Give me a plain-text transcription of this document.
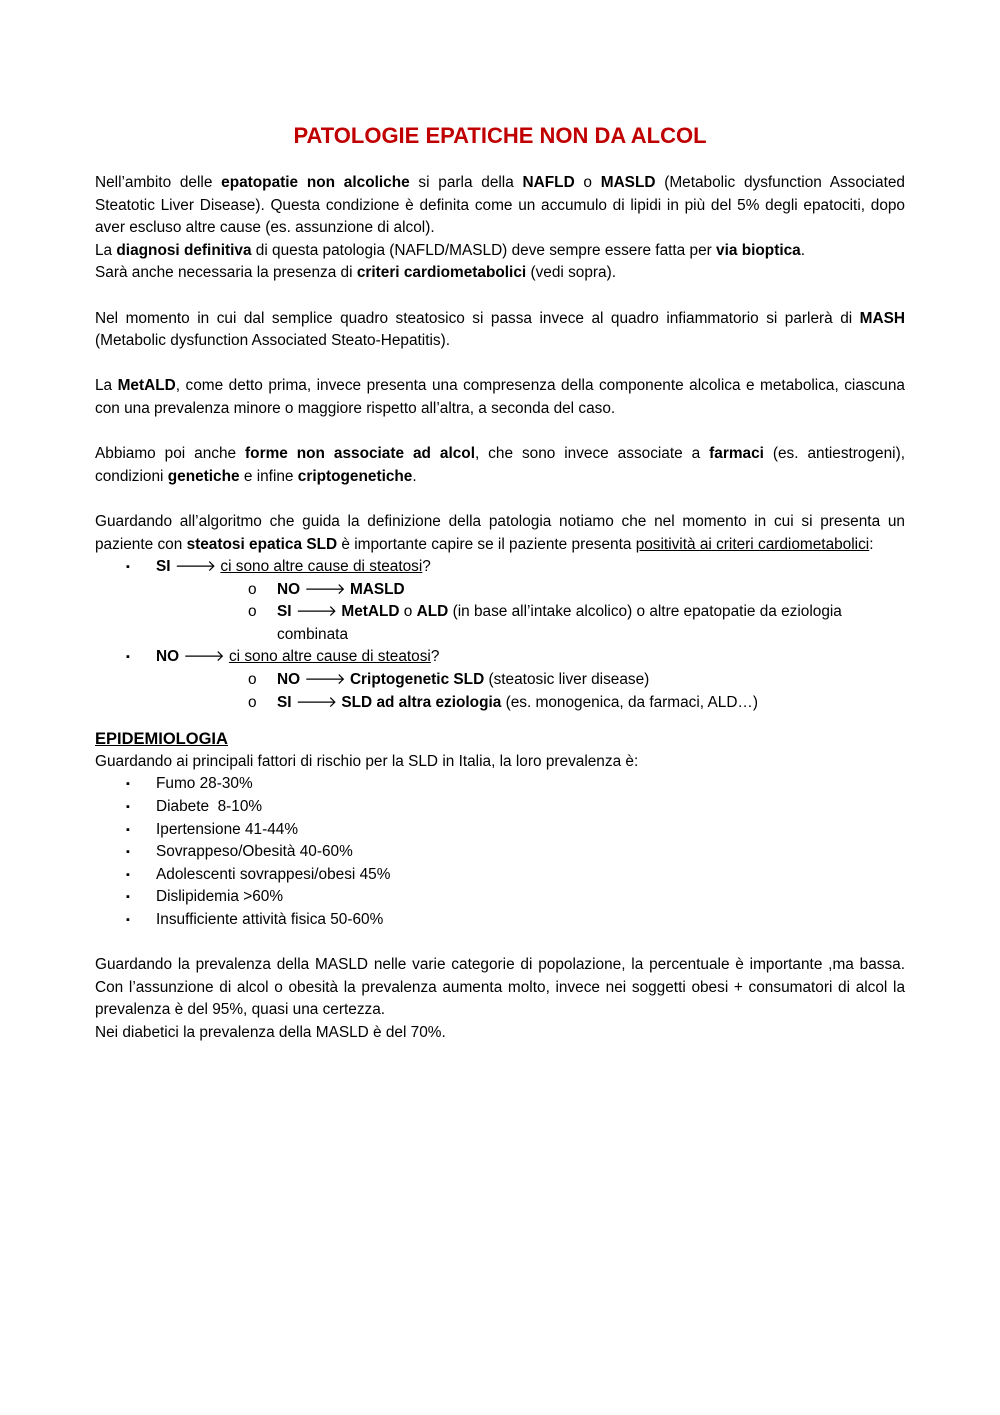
PATOLOGIE EPATICHE NON DA ALCOL

Nell’ambito delle epatopatie non alcoliche si parla della NAFLD o MASLD (Metabolic dysfunction Associated Steatotic Liver Disease). Questa condizione è definita come un accumulo di lipidi in più del 5% degli epatociti, dopo aver escluso altre cause (es. assunzione di alcol).

La diagnosi definitiva di questa patologia (NAFLD/MASLD) deve sempre essere fatta per via bioptica.

Sarà anche necessaria la presenza di criteri cardiometabolici (vedi sopra).

Nel momento in cui dal semplice quadro steatosico si passa invece al quadro infiammatorio si parlerà di MASH (Metabolic dysfunction Associated Steato-Hepatitis).

La MetALD, come detto prima, invece presenta una compresenza della componente alcolica e metabolica, ciascuna con una prevalenza minore o maggiore rispetto all’altra, a seconda del caso.

Abbiamo poi anche forme non associate ad alcol, che sono invece associate a farmaci (es. antiestrogeni), condizioni genetiche e infine criptogenetiche.

Guardando all’algoritmo che guida la definizione della patologia notiamo che nel momento in cui si presenta un paziente con steatosi epatica SLD è importante capire se il paziente presenta positività ai criteri cardiometabolici:

▪ SI 🡒 ci sono altre cause di steatosi?
o NO 🡒 MASLD
o SI 🡒 MetALD o ALD (in base all’intake alcolico) o altre epatopatie da eziologia combinata
▪ NO 🡒 ci sono altre cause di steatosi?
o NO 🡒 Criptogenetic SLD (steatosic liver disease)
o SI 🡒 SLD ad altra eziologia (es. monogenica, da farmaci, ALD…)
EPIDEMIOLOGIA

Guardando ai principali fattori di rischio per la SLD in Italia, la loro prevalenza è:

▪ Fumo 28-30%
▪ Diabete  8-10%
▪ Ipertensione 41-44%
▪ Sovrappeso/Obesità 40-60%
▪ Adolescenti sovrappesi/obesi 45%
▪ Dislipidemia >60%
▪ Insufficiente attività fisica 50-60%

Guardando la prevalenza della MASLD nelle varie categorie di popolazione, la percentuale è importante ,ma bassa. Con l’assunzione di alcol o obesità la prevalenza aumenta molto, invece nei soggetti obesi + consumatori di alcol la prevalenza è del 95%, quasi una certezza.

Nei diabetici la prevalenza della MASLD è del 70%.
